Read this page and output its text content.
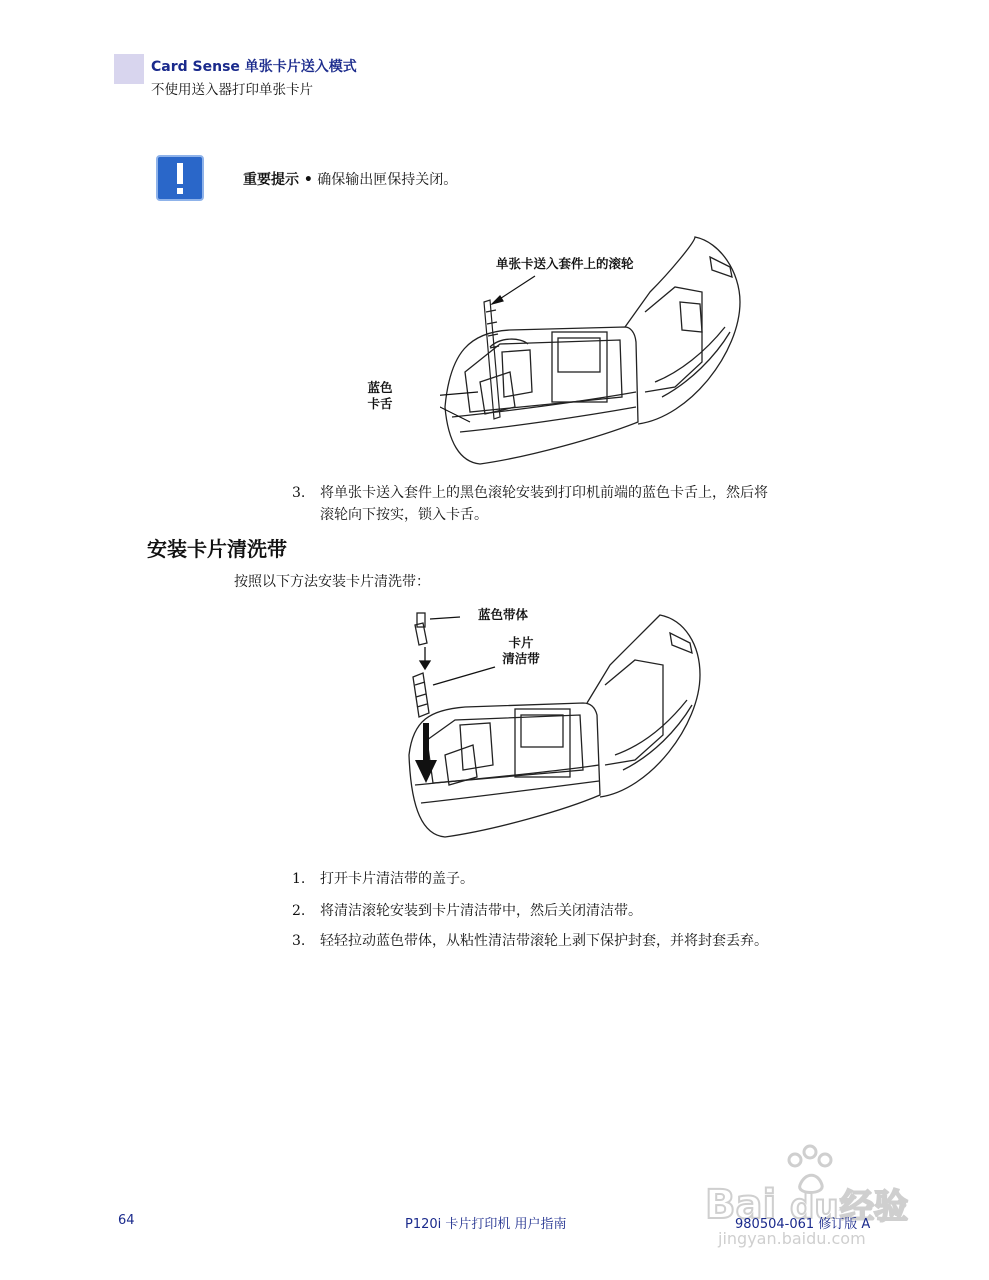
Card Sense 单张卡片送入模式
不使用送入器打印单张卡片
重要提示 • 确保输出匣保持关闭。
单张卡送入套件上的滚轮
蓝色
卡舌
3.	将单张卡送入套件上的黑色滚轮安装到打印机前端的蓝色卡舌上，然后将
滚轮向下按实，锁入卡舌。
安装卡片清洗带
按照以下方法安装卡片清洗带：
蓝色带体
卡片
清洁带
1.	打开卡片清洁带的盖子。
2.	将清洁滚轮安装到卡片清洁带中，然后关闭清洁带。
3.	轻轻拉动蓝色带体，从粘性清洁带滚轮上剥下保护封套，并将封套丢弃。
Bai 经验
du
jingyan.baidu.com
64	P120i 卡片打印机 用户指南	980504-061 修订版 A
